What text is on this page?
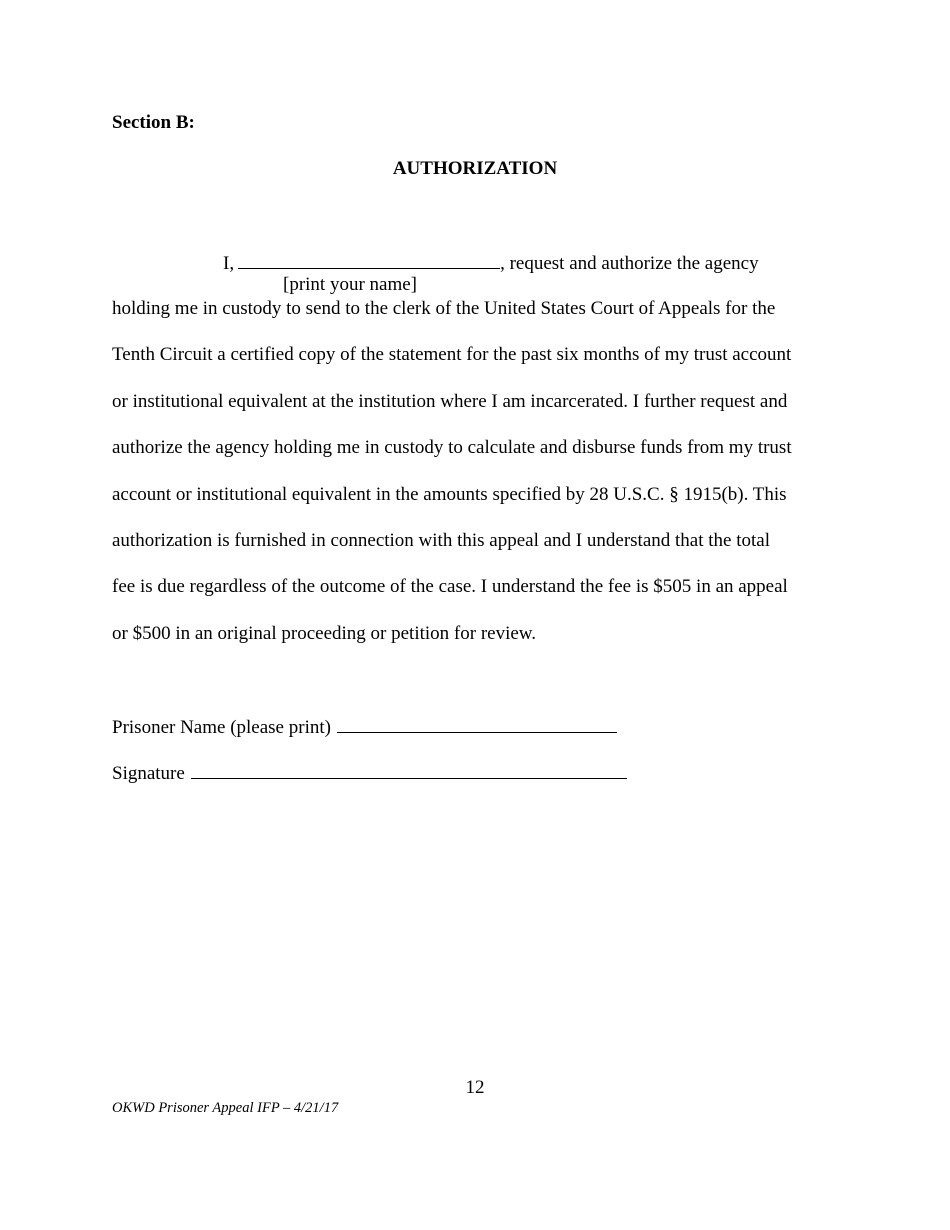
Section B:
AUTHORIZATION
I,	, request and authorize the agency
[print your name]
holding me in custody to send to the clerk of the United States Court of Appeals for the
Tenth Circuit a certified copy of the statement for the past six months of my trust account
or institutional equivalent at the institution where I am incarcerated. I further request and
authorize the agency holding me in custody to calculate and disburse funds from my trust
account or institutional equivalent in the amounts specified by 28 U.S.C. § 1915(b). This
authorization is furnished in connection with this appeal and I understand that the total
fee is due regardless of the outcome of the case. I understand the fee is $505 in an appeal
or $500 in an original proceeding or petition for review.
Prisoner Name (please print)
Signature
12
OKWD Prisoner Appeal IFP – 4/21/17
